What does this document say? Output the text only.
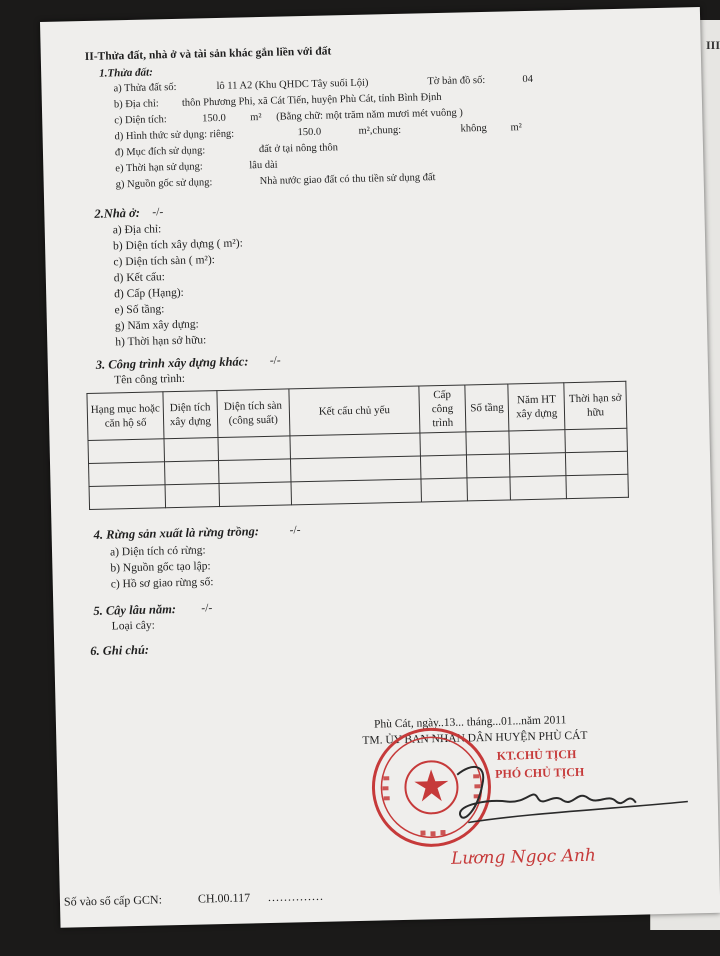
III
II-Thửa đất, nhà ở và tài sản khác gắn liền với đất
1.Thửa đất:
a) Thửa đất số:	lô 11 A2 (Khu QHDC Tây suối Lội)	Tờ bản đồ số:	04
b) Địa chỉ: thôn Phương Phi, xã Cát Tiến, huyện Phù Cát, tỉnh Bình Định
c) Diện tích:	150.0 m² (Bằng chữ: một trăm năm mươi mét vuông )
d) Hình thức sử dụng: riêng:	150.0	m²,chung:	không m²
đ) Mục đích sử dụng:	đất ở tại nông thôn
e) Thời hạn sử dụng:	lâu dài
g) Nguồn gốc sử dụng:	Nhà nước giao đất có thu tiền sử dụng đất
2.Nhà ở: -/-
a) Địa chỉ:
b) Diện tích xây dựng ( m²):
c) Diện tích sàn ( m²):
d) Kết cấu:
đ) Cấp (Hạng):
e) Số tầng:
g) Năm xây dựng:
h) Thời hạn sở hữu:
3. Công trình xây dựng khác: -/-
Tên công trình:
Hạng mục hoặc căn hộ số	Diện tích xây dựng	Diện tích sàn (công suất)	Kết cấu chủ yếu	Cấp công trình	Số tầng	Năm HT xây dựng	Thời hạn sở hữu

4. Rừng sản xuất là rừng trồng:	-/-
a) Diện tích có rừng:
b) Nguồn gốc tạo lập:
c) Hồ sơ giao rừng số:
5. Cây lâu năm: -/-
Loại cây:
6. Ghi chú:
Phù Cát, ngày..13... tháng...01...năm 2011
TM. ỦY BAN NHÂN DÂN HUYỆN PHÙ CÁT
KT.CHỦ TỊCH
PHÓ CHỦ TỊCH
Lương Ngọc Anh
Số vào sổ cấp GCN:	CH.00.117 ..............
